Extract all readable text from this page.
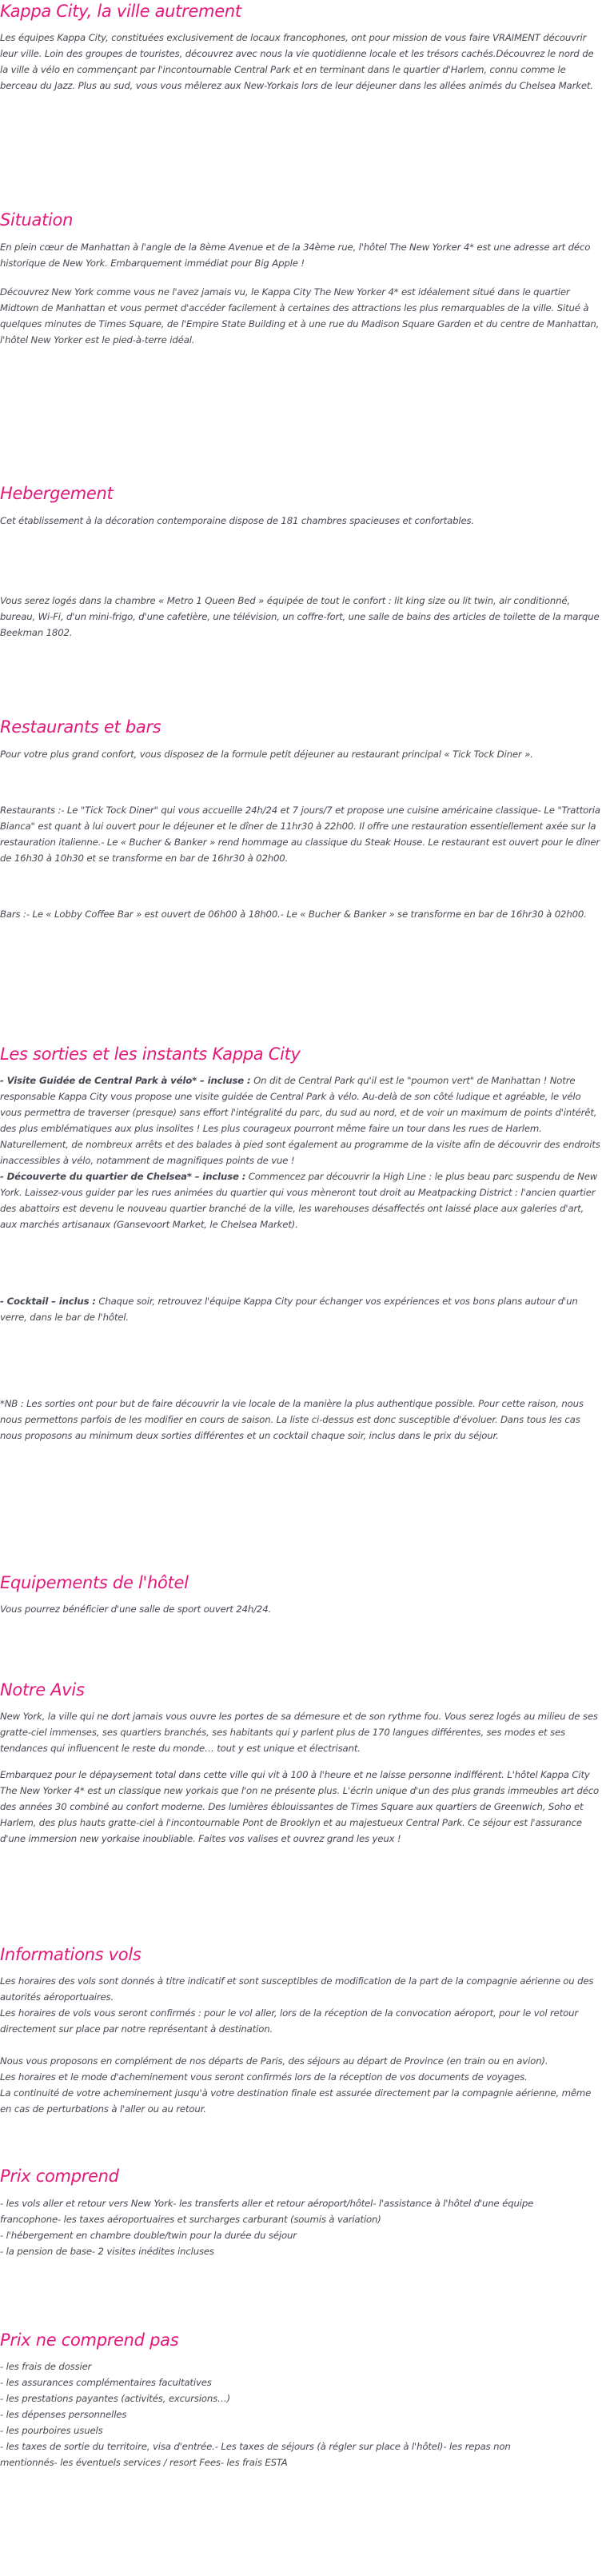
Kappa City, la ville autrement

Les équipes Kappa City, constituées exclusivement de locaux francophones, ont pour mission de vous faire VRAIMENT découvrir leur ville. Loin des groupes de touristes, découvrez avec nous la vie quotidienne locale et les trésors cachés.Découvrez le nord de la ville à vélo en commençant par l'incontournable Central Park et en terminant dans le quartier d'Harlem, connu comme le berceau du Jazz. Plus au sud, vous vous mêlerez aux New-Yorkais lors de leur déjeuner dans les allées animés du Chelsea Market.

Situation

En plein cœur de Manhattan à l'angle de la 8ème Avenue et de la 34ème rue, l'hôtel The New Yorker 4* est une adresse art déco historique de New York. Embarquement immédiat pour Big Apple !

Découvrez New York comme vous ne l'avez jamais vu, le Kappa City The New Yorker 4* est idéalement situé dans le quartier Midtown de Manhattan et vous permet d'accéder facilement à certaines des attractions les plus remarquables de la ville. Situé à quelques minutes de Times Square, de l'Empire State Building et à une rue du Madison Square Garden et du centre de Manhattan, l'hôtel New Yorker est le pied-à-terre idéal.

Hebergement

Cet établissement à la décoration contemporaine dispose de 181 chambres spacieuses et confortables.

Vous serez logés dans la chambre « Metro 1 Queen Bed » équipée de tout le confort : lit king size ou lit twin, air conditionné, bureau, Wi-Fi, d'un mini-frigo, d'une cafetière, une télévision, un coffre-fort, une salle de bains des articles de toilette de la marque Beekman 1802.

Restaurants et bars

Pour votre plus grand confort, vous disposez de la formule petit déjeuner au restaurant principal « Tick Tock Diner ».

Restaurants :- Le "Tick Tock Diner" qui vous accueille 24h/24 et 7 jours/7 et propose une cuisine américaine classique- Le "Trattoria Bianca" est quant à lui ouvert pour le déjeuner et le dîner de 11hr30 à 22h00. Il offre une restauration essentiellement axée sur la restauration italienne.- Le « Bucher & Banker » rend hommage au classique du Steak House. Le restaurant est ouvert pour le dîner de 16h30 à 10h30 et se transforme en bar de 16hr30 à 02h00.

Bars :- Le « Lobby Coffee Bar » est ouvert de 06h00 à 18h00.- Le « Bucher & Banker » se transforme en bar de 16hr30 à 02h00.

Les sorties et les instants Kappa City

- Visite Guidée de Central Park à vélo* – incluse : On dit de Central Park qu'il est le "poumon vert" de Manhattan ! Notre responsable Kappa City vous propose une visite guidée de Central Park à vélo. Au-delà de son côté ludique et agréable, le vélo vous permettra de traverser (presque) sans effort l'intégralité du parc, du sud au nord, et de voir un maximum de points d'intérêt, des plus emblématiques aux plus insolites ! Les plus courageux pourront même faire un tour dans les rues de Harlem. Naturellement, de nombreux arrêts et des balades à pied sont également au programme de la visite afin de découvrir des endroits inaccessibles à vélo, notamment de magnifiques points de vue !
- Découverte du quartier de Chelsea* – incluse : Commencez par découvrir la High Line : le plus beau parc suspendu de New York. Laissez-vous guider par les rues animées du quartier qui vous mèneront tout droit au Meatpacking District : l'ancien quartier des abattoirs est devenu le nouveau quartier branché de la ville, les warehouses désaffectés ont laissé place aux galeries d'art, aux marchés artisanaux (Gansevoort Market, le Chelsea Market).

- Cocktail – inclus : Chaque soir, retrouvez l'équipe Kappa City pour échanger vos expériences et vos bons plans autour d'un verre, dans le bar de l'hôtel.

*NB : Les sorties ont pour but de faire découvrir la vie locale de la manière la plus authentique possible. Pour cette raison, nous nous permettons parfois de les modifier en cours de saison. La liste ci-dessus est donc susceptible d'évoluer. Dans tous les cas nous proposons au minimum deux sorties différentes et un cocktail chaque soir, inclus dans le prix du séjour.

Equipements de l'hôtel

Vous pourrez bénéficier d'une salle de sport ouvert 24h/24.

Notre Avis

New York, la ville qui ne dort jamais vous ouvre les portes de sa démesure et de son rythme fou. Vous serez logés au milieu de ses gratte-ciel immenses, ses quartiers branchés, ses habitants qui y parlent plus de 170 langues différentes, ses modes et ses tendances qui influencent le reste du monde… tout y est unique et électrisant.

Embarquez pour le dépaysement total dans cette ville qui vit à 100 à l'heure et ne laisse personne indifférent. L'hôtel Kappa City The New Yorker 4* est un classique new yorkais que l'on ne présente plus. L'écrin unique d'un des plus grands immeubles art déco des années 30 combiné au confort moderne. Des lumières éblouissantes de Times Square aux quartiers de Greenwich, Soho et Harlem, des plus hauts gratte-ciel à l'incontournable Pont de Brooklyn et au majestueux Central Park. Ce séjour est l'assurance d'une immersion new yorkaise inoubliable. Faites vos valises et ouvrez grand les yeux !

Informations vols

Les horaires des vols sont donnés à titre indicatif et sont susceptibles de modification de la part de la compagnie aérienne ou des autorités aéroportuaires.
Les horaires de vols vous seront confirmés : pour le vol aller, lors de la réception de la convocation aéroport, pour le vol retour directement sur place par notre représentant à destination.

Nous vous proposons en complément de nos départs de Paris, des séjours au départ de Province (en train ou en avion).
Les horaires et le mode d'acheminement vous seront confirmés lors de la réception de vos documents de voyages.
La continuité de votre acheminement jusqu'à votre destination finale est assurée directement par la compagnie aérienne, même en cas de perturbations à l'aller ou au retour.

Prix comprend

- les vols aller et retour vers New York- les transferts aller et retour aéroport/hôtel- l'assistance à l'hôtel d'une équipe
francophone- les taxes aéroportuaires et surcharges carburant (soumis à variation)
- l'hébergement en chambre double/twin pour la durée du séjour
- la pension de base- 2 visites inédites incluses

Prix ne comprend pas

- les frais de dossier
- les assurances complémentaires facultatives
- les prestations payantes (activités, excursions…)
- les dépenses personnelles
- les pourboires usuels
- les taxes de sortie du territoire, visa d'entrée.- Les taxes de séjours (à régler sur place à l'hôtel)- les repas non
mentionnés- les éventuels services / resort Fees- les frais ESTA
